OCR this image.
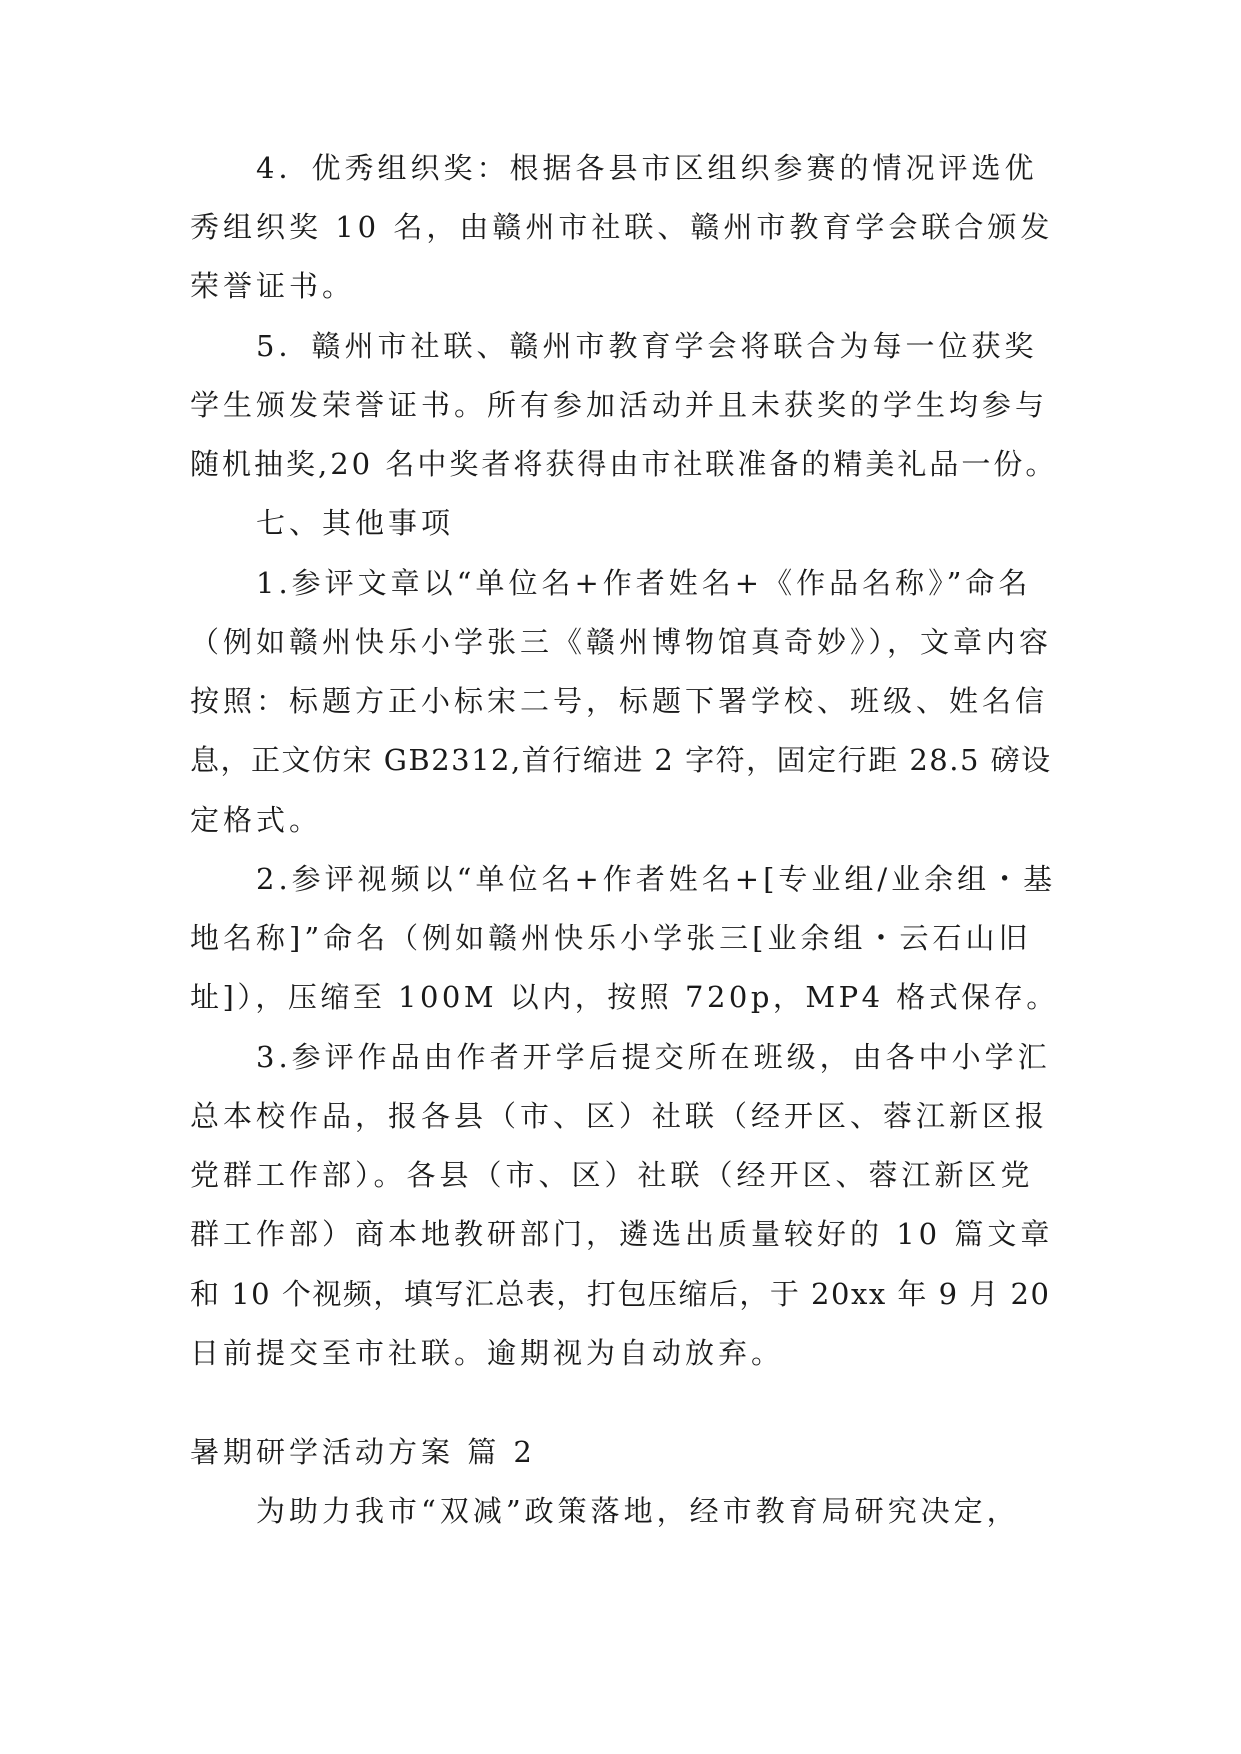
4．优秀组织奖：根据各县市区组织参赛的情况评选优
秀组织奖 10 名，由赣州市社联、赣州市教育学会联合颁发
荣誉证书。
5．赣州市社联、赣州市教育学会将联合为每一位获奖
学生颁发荣誉证书。所有参加活动并且未获奖的学生均参与
随机抽奖,20 名中奖者将获得由市社联准备的精美礼品一份。
七、其他事项
1.参评文章以“单位名+作者姓名+《作品名称》”命名
（例如赣州快乐小学张三《赣州博物馆真奇妙》），文章内容
按照：标题方正小标宋二号，标题下署学校、班级、姓名信
息，正文仿宋 GB2312,首行缩进 2 字符，固定行距 28.5 磅设
定格式。
2.参评视频以“单位名+作者姓名+[专业组/业余组・基
地名称]”命名（例如赣州快乐小学张三[业余组・云石山旧
址]），压缩至 100M 以内，按照 720p，MP4 格式保存。
3.参评作品由作者开学后提交所在班级，由各中小学汇
总本校作品，报各县（市、区）社联（经开区、蓉江新区报
党群工作部）。各县（市、区）社联（经开区、蓉江新区党
群工作部）商本地教研部门，遴选出质量较好的 10 篇文章
和 10 个视频，填写汇总表，打包压缩后，于 20xx 年 9 月 20
日前提交至市社联。逾期视为自动放弃。
暑期研学活动方案 篇 2
为助力我市“双减”政策落地，经市教育局研究决定，
